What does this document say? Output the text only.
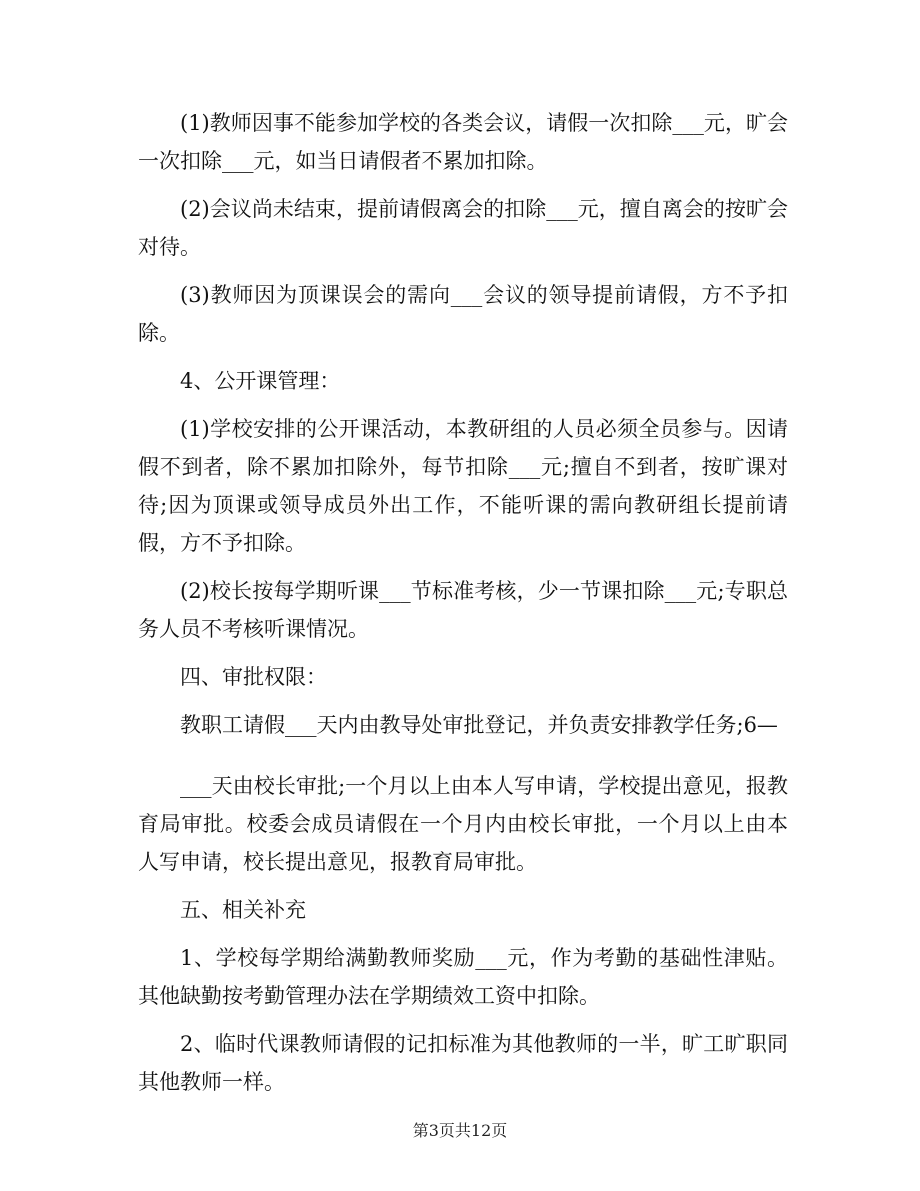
(1)教师因事不能参加学校的各类会议，请假一次扣除___元，旷会一次扣除___元，如当日请假者不累加扣除。

(2)会议尚未结束，提前请假离会的扣除___元，擅自离会的按旷会对待。

(3)教师因为顶课误会的需向___会议的领导提前请假，方不予扣除。

4、公开课管理：

(1)学校安排的公开课活动，本教研组的人员必须全员参与。因请假不到者，除不累加扣除外，每节扣除___元;擅自不到者，按旷课对待;因为顶课或领导成员外出工作，不能听课的需向教研组长提前请假，方不予扣除。

(2)校长按每学期听课___节标准考核，少一节课扣除___元;专职总务人员不考核听课情况。

四、审批权限：

教职工请假___天内由教导处审批登记，并负责安排教学任务;6—

___天由校长审批;一个月以上由本人写申请，学校提出意见，报教育局审批。校委会成员请假在一个月内由校长审批，一个月以上由本人写申请，校长提出意见，报教育局审批。

五、相关补充

1、学校每学期给满勤教师奖励___元，作为考勤的基础性津贴。其他缺勤按考勤管理办法在学期绩效工资中扣除。

2、临时代课教师请假的记扣标准为其他教师的一半，旷工旷职同其他教师一样。

第3页共12页
